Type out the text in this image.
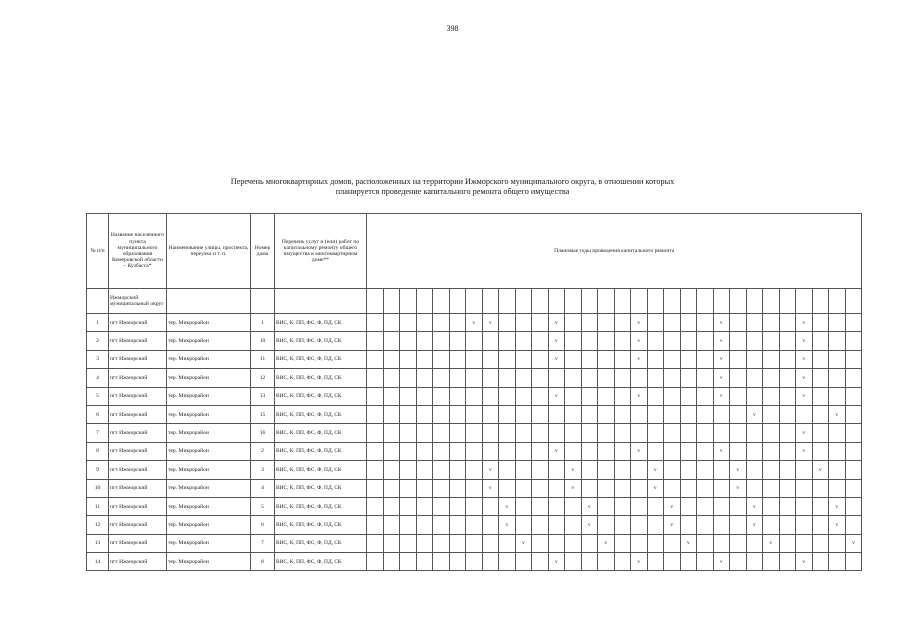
398
Перечень многоквартирных домов, расположенных на территории Ижморского муниципального округа, в отношении которых
планируется проведение капитального ремонта общего имущества
№ п/п	Название населенного пункта муниципального образования Кемеровской области – Кузбасса*	Наименование улицы, проспекта, переулка и т. п.	Номер дома	Перечень услуг и (или) работ по капитальному ремонту общего имущества в многоквартирном доме**	Плановые годы проведения капитального ремонта																													

	Ижморский муниципальный округ																																	
1	пгт Ижморский	тер. Микрорайон	1	ВИС, К, ПП, ФС, Ф, ПД, СК							v	v				v					v					v					v			
2	пгт Ижморский	тер. Микрорайон	10	ВИС, К, ПП, ФС, Ф, ПД, СК												v					v					v					v			
3	пгт Ижморский	тер. Микрорайон	11	ВИС, К, ПП, ФС, Ф, ПД, СК												v					v					v					v			
4	пгт Ижморский	тер. Микрорайон	12	ВИС, К, ПП, ФС, Ф, ПД, СК																						v					v			
5	пгт Ижморский	тер. Микрорайон	13	ВИС, К, ПП, ФС, Ф, ПД, СК												v					v					v					v			
6	пгт Ижморский	тер. Микрорайон	15	ВИС, К, ПП, ФС, Ф, ПД, СК																								v					v	
7	пгт Ижморский	тер. Микрорайон	16	ВИС, К, ПП, ФС, Ф, ПД, СК																											v			
8	пгт Ижморский	тер. Микрорайон	2	ВИС, К, ПП, ФС, Ф, ПД, СК												v					v					v					v			
9	пгт Ижморский	тер. Микрорайон	3	ВИС, К, ПП, ФС, Ф, ПД, СК								v					v					v					v					v		
10	пгт Ижморский	тер. Микрорайон	4	ВИС, К, ПП, ФС, Ф, ПД, СК								v					v					v					v							
11	пгт Ижморский	тер. Микрорайон	5	ВИС, К, ПП, ФС, Ф, ПД, СК									v					v					v					v					v	
12	пгт Ижморский	тер. Микрорайон	6	ВИС, К, ПП, ФС, Ф, ПД, СК									v					v					v					v					v	
13	пгт Ижморский	тер. Микрорайон	7	ВИС, К, ПП, ФС, Ф, ПД, СК										v					v					v					v					v
14	пгт Ижморский	тер. Микрорайон	8	ВИС, К, ПП, ФС, Ф, ПД, СК												v					v					v					v			
